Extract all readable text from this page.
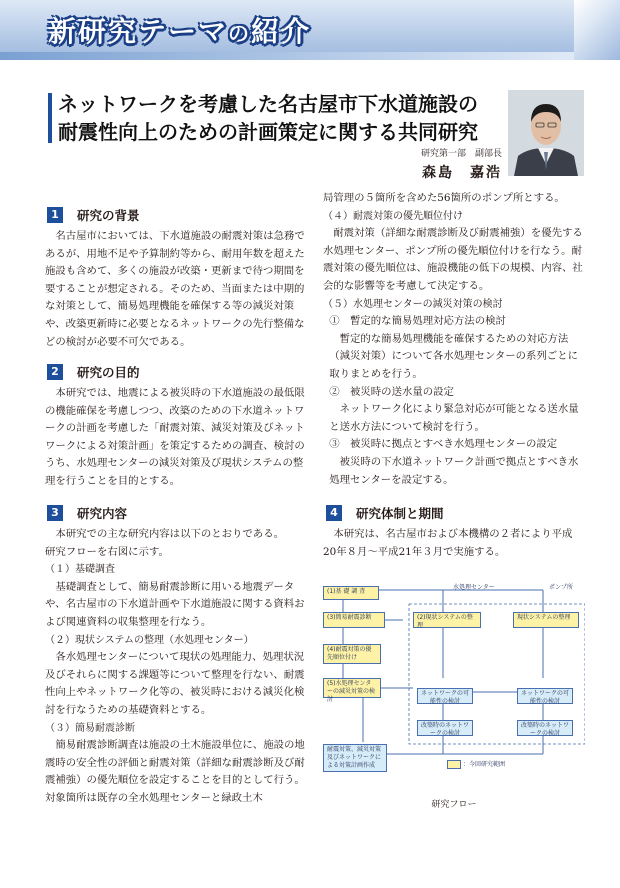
新研究テーマの紹介
ネットワークを考慮した名古屋市下水道施設の
耐震性向上のための計画策定に関する共同研究
研究第一部　副部長
森島　嘉浩
1	研究の背景

名古屋市においては、下水道施設の耐震対策は急務であるが、用地不足や予算制約等から、耐用年数を超えた施設も含めて、多くの施設が改築・更新まで待つ期間を要することが想定される。そのため、当面または中期的な対策として、簡易処理機能を確保する等の減災対策や、改築更新時に必要となるネットワークの先行整備などの検討が必要不可欠である。

2	研究の目的

本研究では、地震による被災時の下水道施設の最低限の機能確保を考慮しつつ、改築のための下水道ネットワークの計画を考慮した「耐震対策、減災対策及びネットワークによる対策計画」を策定するための調査、検討のうち、水処理センターの減災対策及び現状システムの整理を行うことを目的とする。

3	研究内容

本研究での主な研究内容は以下のとおりである。

研究フローを右図に示す。

（１）基礎調査

基礎調査として、簡易耐震診断に用いる地震データや、名古屋市の下水道計画や下水道施設に関する資料および関連資料の収集整理を行なう。

（２）現状システムの整理（水処理センター）

各水処理センターについて現状の処理能力、処理状況及びそれらに関する課題等について整理を行ない、耐震性向上やネットワーク化等の、被災時における減災化検討を行なうための基礎資料とする。

（３）簡易耐震診断

簡易耐震診断調査は施設の土木施設単位に、施設の地震時の安全性の評価と耐震対策（詳細な耐震診断及び耐震補強）の優先順位を設定することを目的として行う。対象箇所は既存の全水処理センターと緑政土木

局管理の５箇所を含めた56箇所のポンプ所とする。

（４）耐震対策の優先順位付け

耐震対策（詳細な耐震診断及び耐震補強）を優先する水処理センター、ポンプ所の優先順位付けを行なう。耐震対策の優先順位は、施設機能の低下の規模、内容、社会的な影響等を考慮して決定する。

（５）水処理センターの減災対策の検討

①　暫定的な簡易処理対応方法の検討

暫定的な簡易処理機能を確保するための対応方法（減災対策）について各水処理センターの系列ごとに取りまとめを行う。

②　被災時の送水量の設定

ネットワーク化により緊急対応が可能となる送水量と送水方法について検討を行う。

③　被災時に拠点とすべき水処理センターの設定

被災時の下水道ネットワーク計画で拠点とすべき水処理センターを設定する。

4	研究体制と期間

本研究は、名古屋市および本機構の２者により平成20年８月～平成21年３月で実施する。

水処理センター	ポンプ所
(1)基 礎 調 査
(3)簡易耐震診断	(2)現状システムの整理
現状システムの整理
(4)耐震対策の優先順位付け
(5)水処理センターの減災対策の検討
ネットワークの可能性の検討
ネットワークの可能性の検討
改築時のネットワークの検討
改築時のネットワークの検討
耐震対策、減災対策及びネットワークによる対策計画作成	：今回研究範囲
研究フロー
